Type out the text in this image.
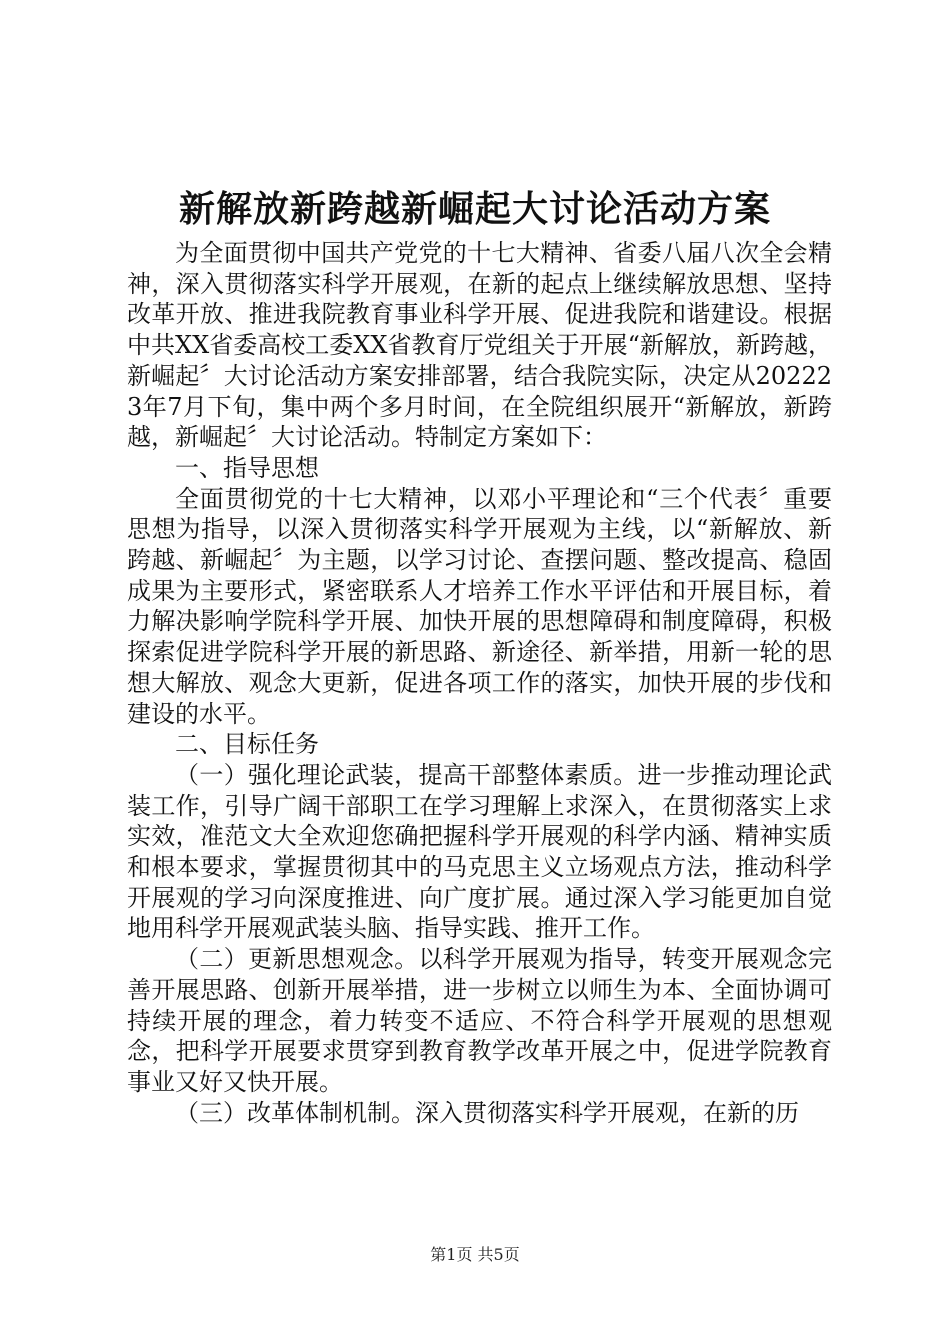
新解放新跨越新崛起大讨论活动方案

为全面贯彻中国共产党党的十七大精神、省委八届八次全会精神，深入贯彻落实科学开展观，在新的起点上继续解放思想、坚持改革开放、推进我院教育事业科学开展、促进我院和谐建设。根据中共XX省委高校工委XX省教育厅党组关于开展“新解放，新跨越，新崛起〞大讨论活动方案安排部署，结合我院实际，决定从202223年7月下旬，集中两个多月时间，在全院组织展开“新解放，新跨越，新崛起〞大讨论活动。特制定方案如下：

一、指导思想

全面贯彻党的十七大精神，以邓小平理论和“三个代表〞重要思想为指导，以深入贯彻落实科学开展观为主线，以“新解放、新跨越、新崛起〞为主题，以学习讨论、查摆问题、整改提高、稳固成果为主要形式，紧密联系人才培养工作水平评估和开展目标，着力解决影响学院科学开展、加快开展的思想障碍和制度障碍，积极探索促进学院科学开展的新思路、新途径、新举措，用新一轮的思想大解放、观念大更新，促进各项工作的落实，加快开展的步伐和建设的水平。

二、目标任务

（一）强化理论武装，提高干部整体素质。进一步推动理论武装工作，引导广阔干部职工在学习理解上求深入，在贯彻落实上求实效，准范文大全欢迎您确把握科学开展观的科学内涵、精神实质和根本要求，掌握贯彻其中的马克思主义立场观点方法，推动科学开展观的学习向深度推进、向广度扩展。通过深入学习能更加自觉地用科学开展观武装头脑、指导实践、推开工作。

（二）更新思想观念。以科学开展观为指导，转变开展观念完善开展思路、创新开展举措，进一步树立以师生为本、全面协调可持续开展的理念，着力转变不适应、不符合科学开展观的思想观念，把科学开展要求贯穿到教育教学改革开展之中，促进学院教育事业又好又快开展。

（三）改革体制机制。深入贯彻落实科学开展观，在新的历

第1页 共5页
